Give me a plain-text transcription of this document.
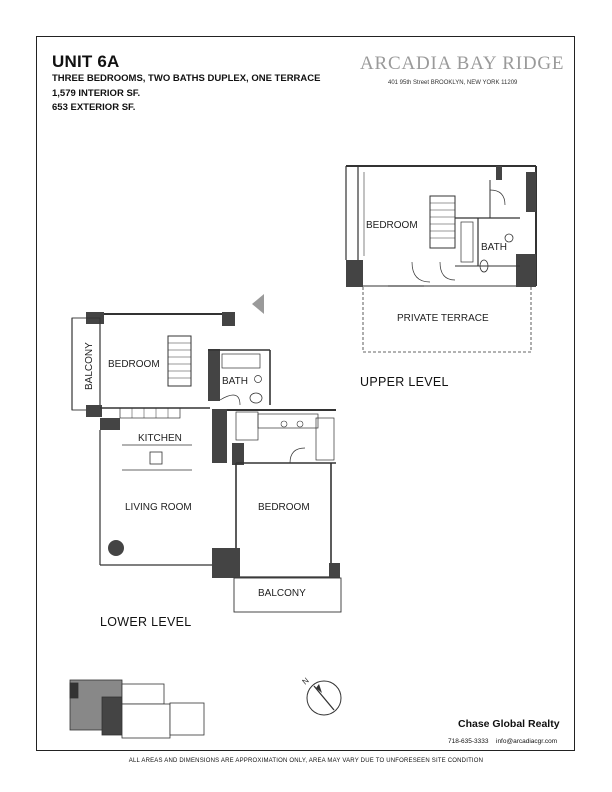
UNIT 6A
THREE BEDROOMS, TWO BATHS DUPLEX, ONE TERRACE
1,579 INTERIOR SF.
653 EXTERIOR SF.
ARCADIA BAY RIDGE
401 95th Street BROOKLYN, NEW YORK 11209
BEDROOM
BATH
PRIVATE TERRACE
BALCONY BEDROOM
BATH
KITCHEN
LIVING ROOM	BEDROOM
BALCONY
N
UPPER LEVEL
LOWER LEVEL
Chase Global Realty
718-635-3333 info@arcadiacgr.com
ALL AREAS AND DIMENSIONS ARE APPROXIMATION ONLY, AREA MAY VARY DUE TO UNFORESEEN SITE CONDITION
